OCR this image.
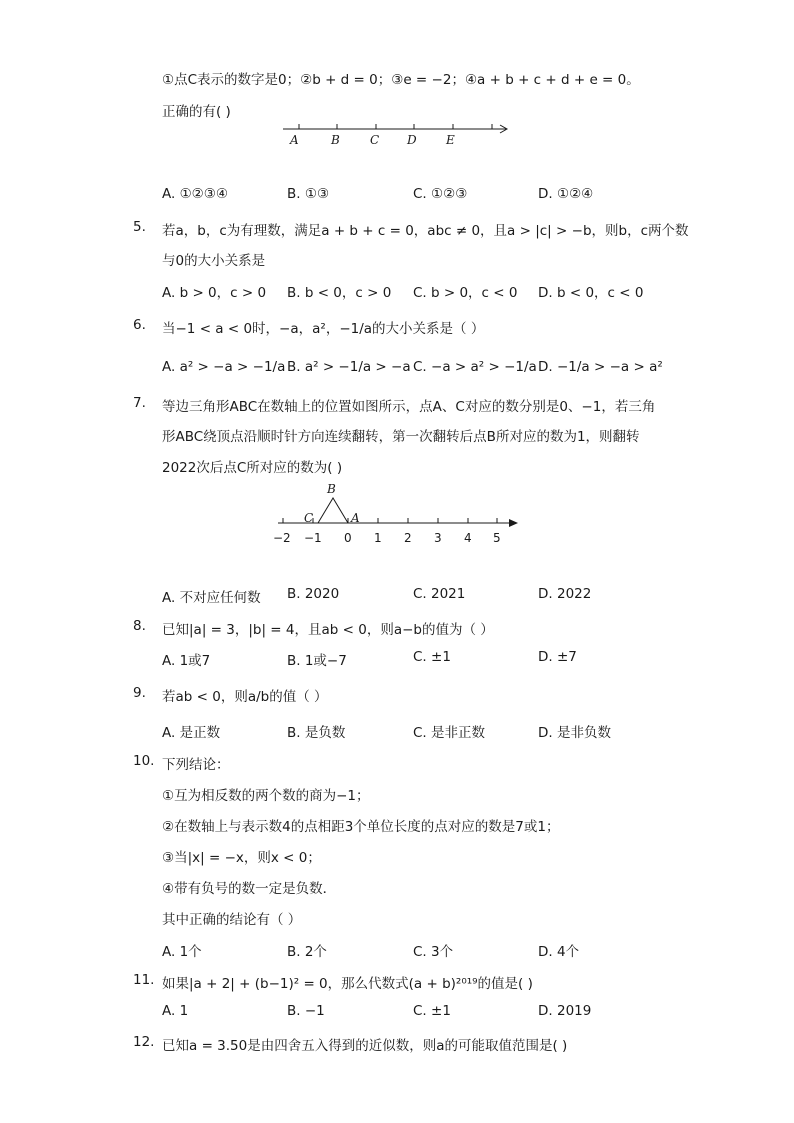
①点C表示的数字是0；②b + d = 0；③e = −2；④a + b + c + d + e = 0。
正确的有( )
A	B	C D E
A. ①②③④	B. ①③	C. ①②③	D. ①②④
5. 若a，b，c为有理数，满足a + b + c = 0，abc ≠ 0，且a > |c| > −b，则b，c两个数
与0的大小关系是
A. b > 0，c > 0 B. b < 0，c > 0 C. b > 0，c < 0 D. b < 0，c < 0
6. 当−1 < a < 0时，−a，a²，−1/a的大小关系是（ ）
A. a² > −a > −1/a B. a² > −1/a > −a C. −a > a² > −1/a D. −1/a > −a > a²
7. 等边三角形ABC在数轴上的位置如图所示，点A、C对应的数分别是0、−1，若三角
形ABC绕顶点沿顺时针方向连续翻转，第一次翻转后点B所对应的数为1，则翻转
2022次后点C所对应的数为( )
B
C	A
−2 −1 0 1 2 3 4 5
A. 不对应任何数 B. 2020	C. 2021	D. 2022
8. 已知|a| = 3，|b| = 4，且ab < 0，则a−b的值为（ ）
A. 1或7	B. 1或−7	C. ±1	D. ±7
9. 若ab < 0，则a/b的值（ ）
A. 是正数	B. 是负数	C. 是非正数	D. 是非负数
10. 下列结论：
①互为相反数的两个数的商为−1；
②在数轴上与表示数4的点相距3个单位长度的点对应的数是7或1；
③当|x| = −x，则x < 0；
④带有负号的数一定是负数．
其中正确的结论有（ ）
A. 1个	B. 2个	C. 3个	D. 4个
11. 如果|a + 2| + (b−1)² = 0，那么代数式(a + b)²⁰¹⁹的值是( )
A. 1	B. −1	C. ±1	D. 2019
12. 已知a = 3.50是由四舍五入得到的近似数，则a的可能取值范围是( )
